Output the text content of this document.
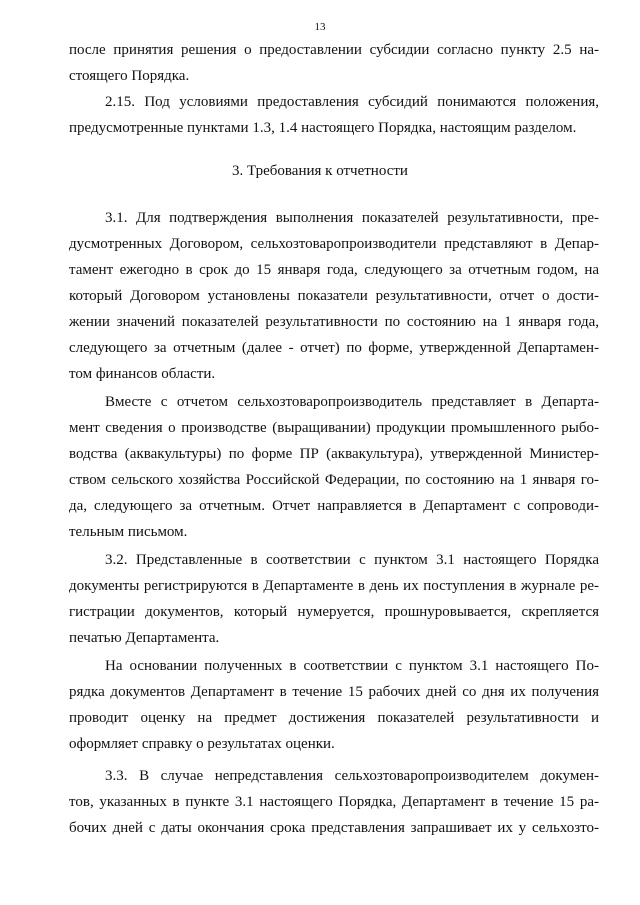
13
после принятия решения о предоставлении субсидии согласно пункту 2.5 на-
стоящего Порядка.
2.15. Под условиями предоставления субсидий понимаются положения,
предусмотренные пунктами 1.3, 1.4 настоящего Порядка, настоящим разделом.
3. Требования к отчетности
3.1. Для подтверждения выполнения показателей результативности, пре-
дусмотренных Договором, сельхозтоваропроизводители представляют в Депар-
тамент ежегодно в срок до 15 января года, следующего за отчетным годом, на
который Договором установлены показатели результативности, отчет о дости-
жении значений показателей результативности по состоянию на 1 января года,
следующего за отчетным (далее - отчет) по форме, утвержденной Департамен-
том финансов области.
Вместе с отчетом сельхозтоваропроизводитель представляет в Департа-
мент сведения о производстве (выращивании) продукции промышленного рыбо-
водства (аквакультуры) по форме ПР (аквакультура), утвержденной Министер-
ством сельского хозяйства Российской Федерации, по состоянию на 1 января го-
да, следующего за отчетным. Отчет направляется в Департамент с сопроводи-
тельным письмом.
3.2. Представленные в соответствии с пунктом 3.1 настоящего Порядка
документы регистрируются в Департаменте в день их поступления в журнале ре-
гистрации документов, который нумеруется, прошнуровывается, скрепляется
печатью Департамента.
На основании полученных в соответствии с пунктом 3.1 настоящего По-
рядка документов Департамент в течение 15 рабочих дней со дня их получения
проводит оценку на предмет достижения показателей результативности и
оформляет справку о результатах оценки.
3.3. В случае непредставления сельхозтоваропроизводителем докумен-
тов, указанных в пункте 3.1 настоящего Порядка, Департамент в течение 15 ра-
бочих дней с даты окончания срока представления запрашивает их у сельхозто-
